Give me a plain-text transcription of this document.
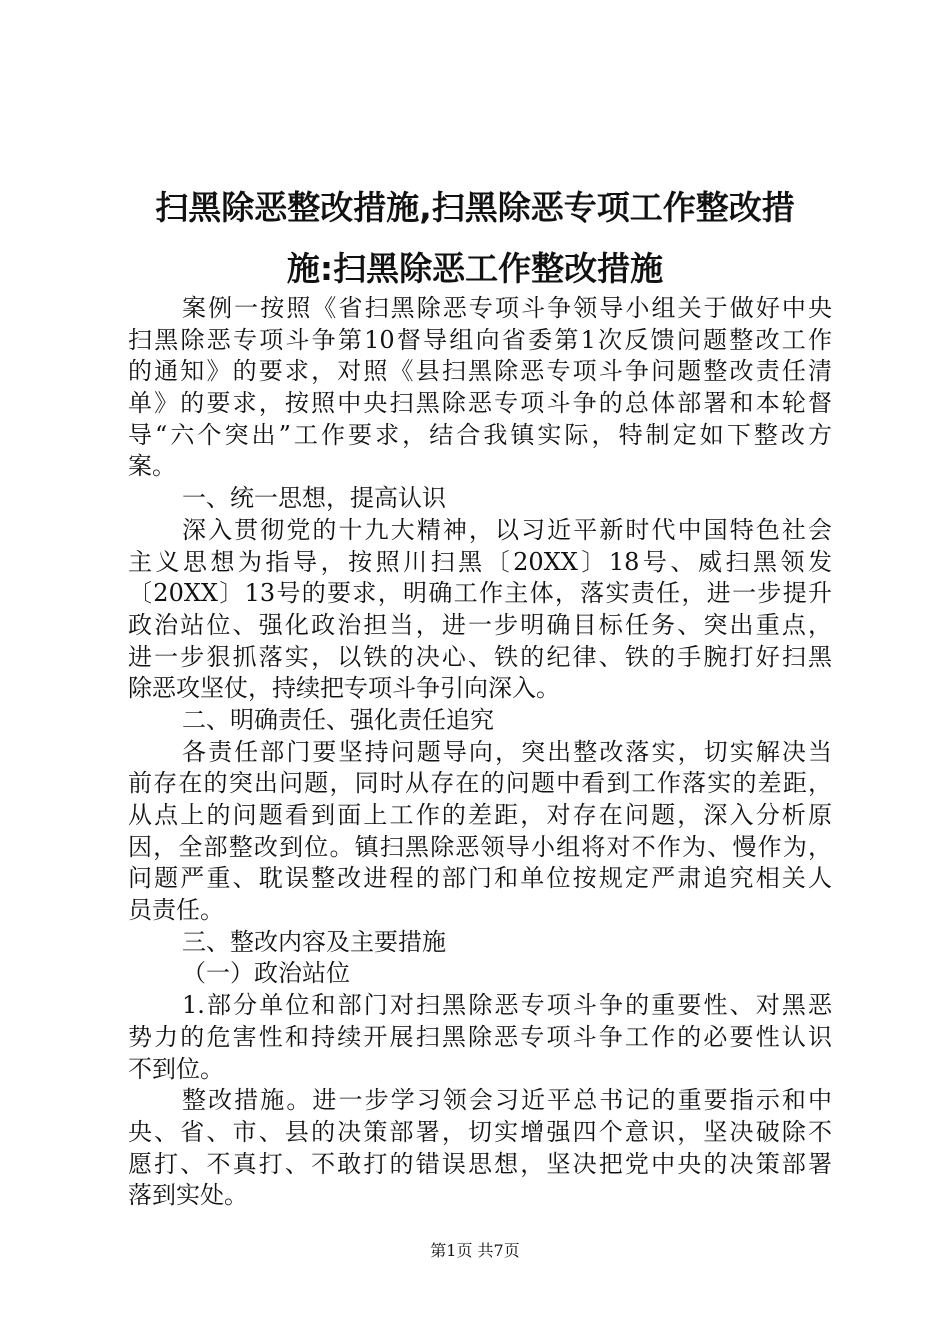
扫黑除恶整改措施,扫黑除恶专项工作整改措
施:扫黑除恶工作整改措施
案例一按照《省扫黑除恶专项斗争领导小组关于做好中央
扫黑除恶专项斗争第10督导组向省委第1次反馈问题整改工作
的通知》的要求，对照《县扫黑除恶专项斗争问题整改责任清
单》的要求，按照中央扫黑除恶专项斗争的总体部署和本轮督
导“六个突出”工作要求，结合我镇实际，特制定如下整改方
案。
一、统一思想，提高认识
深入贯彻党的十九大精神，以习近平新时代中国特色社会
主义思想为指导，按照川扫黑〔20XX〕18号、威扫黑领发
〔20XX〕13号的要求，明确工作主体，落实责任，进一步提升
政治站位、强化政治担当，进一步明确目标任务、突出重点，
进一步狠抓落实，以铁的决心、铁的纪律、铁的手腕打好扫黑
除恶攻坚仗，持续把专项斗争引向深入。
二、明确责任、强化责任追究
各责任部门要坚持问题导向，突出整改落实，切实解决当
前存在的突出问题，同时从存在的问题中看到工作落实的差距，
从点上的问题看到面上工作的差距，对存在问题，深入分析原
因，全部整改到位。镇扫黑除恶领导小组将对不作为、慢作为，
问题严重、耽误整改进程的部门和单位按规定严肃追究相关人
员责任。
三、整改内容及主要措施
（一）政治站位
1.部分单位和部门对扫黑除恶专项斗争的重要性、对黑恶
势力的危害性和持续开展扫黑除恶专项斗争工作的必要性认识
不到位。
整改措施。进一步学习领会习近平总书记的重要指示和中
央、省、市、县的决策部署，切实增强四个意识，坚决破除不
愿打、不真打、不敢打的错误思想，坚决把党中央的决策部署
落到实处。
第1页 共7页
